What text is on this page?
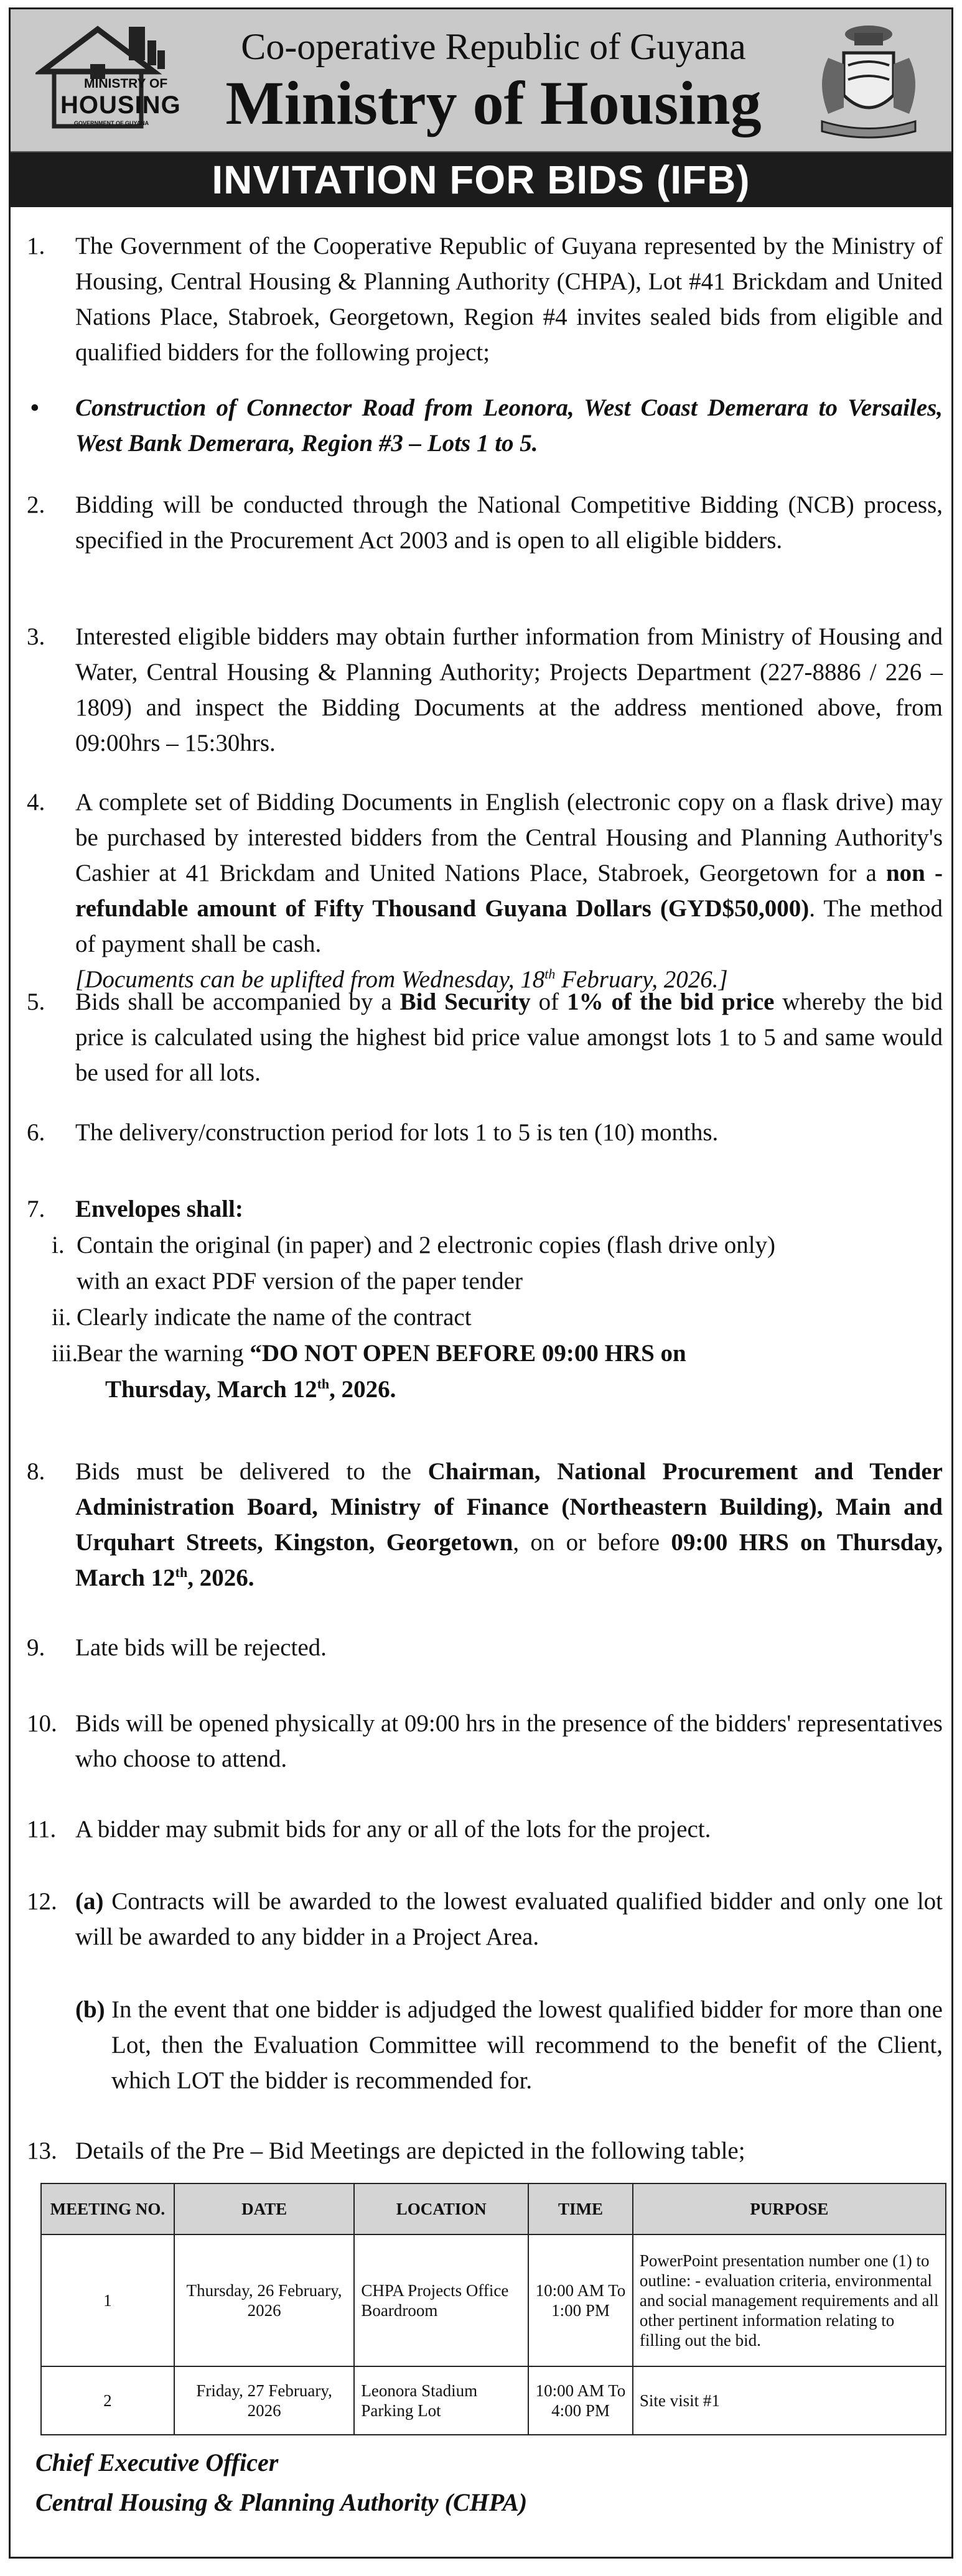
MINISTRY OF
HOUSING
GOVERNMENT OF GUYANA
Co-operative Republic of Guyana
Ministry of Housing
INVITATION FOR BIDS (IFB)
1. The Government of the Cooperative Republic of Guyana represented by the Ministry of Housing, Central Housing & Planning Authority (CHPA), Lot #41 Brickdam and United Nations Place, Stabroek, Georgetown, Region #4 invites sealed bids from eligible and qualified bidders for the following project;
• Construction of Connector Road from Leonora, West Coast Demerara to Versailes, West Bank Demerara, Region #3 – Lots 1 to 5.
2. Bidding will be conducted through the National Competitive Bidding (NCB) process, specified in the Procurement Act 2003 and is open to all eligible bidders.
3. Interested eligible bidders may obtain further information from Ministry of Housing and Water, Central Housing & Planning Authority; Projects Department (227-8886 / 226 – 1809) and inspect the Bidding Documents at the address mentioned above, from 09:00hrs – 15:30hrs.
4. A complete set of Bidding Documents in English (electronic copy on a flask drive) may be purchased by interested bidders from the Central Housing and Planning Authority's Cashier at 41 Brickdam and United Nations Place, Stabroek, Georgetown for a non - refundable amount of Fifty Thousand Guyana Dollars (GYD$50,000). The method of payment shall be cash.
[Documents can be uplifted from Wednesday, 18th February, 2026.]
5. Bids shall be accompanied by a Bid Security of 1% of the bid price whereby the bid price is calculated using the highest bid price value amongst lots 1 to 5 and same would be used for all lots.
6. The delivery/construction period for lots 1 to 5 is ten (10) months.
7. Envelopes shall:
i. Contain the original (in paper) and 2 electronic copies (flash drive only)
with an exact PDF version of the paper tender
ii. Clearly indicate the name of the contract
iii.
Bear the warning “DO NOT OPEN BEFORE 09:00 HRS on
Thursday, March 12th, 2026.
8. Bids must be delivered to the Chairman, National Procurement and Tender Administration Board, Ministry of Finance (Northeastern Building), Main and Urquhart Streets, Kingston, Georgetown, on or before 09:00 HRS on Thursday, March 12th, 2026.
9. Late bids will be rejected.
10. Bids will be opened physically at 09:00 hrs in the presence of the bidders' representatives who choose to attend.
11. A bidder may submit bids for any or all of the lots for the project.
12. (a) Contracts will be awarded to the lowest evaluated qualified bidder and only one lot will be awarded to any bidder in a Project Area.
(b) In the event that one bidder is adjudged the lowest qualified bidder for more than one Lot, then the Evaluation Committee will recommend to the benefit of the Client, which LOT the bidder is recommended for.
13. Details of the Pre – Bid Meetings are depicted in the following table;
MEETING NO.	DATE	LOCATION	TIME	PURPOSE
1	Thursday, 26 February, 2026	CHPA Projects Office Boardroom	10:00 AM To 1:00 PM	PowerPoint presentation number one (1) to outline: - evaluation criteria, environmental and social management requirements and all other pertinent information relating to filling out the bid.
2	Friday, 27 February, 2026	Leonora Stadium Parking Lot	10:00 AM To 4:00 PM	Site visit #1
Chief Executive Officer
Central Housing & Planning Authority (CHPA)
